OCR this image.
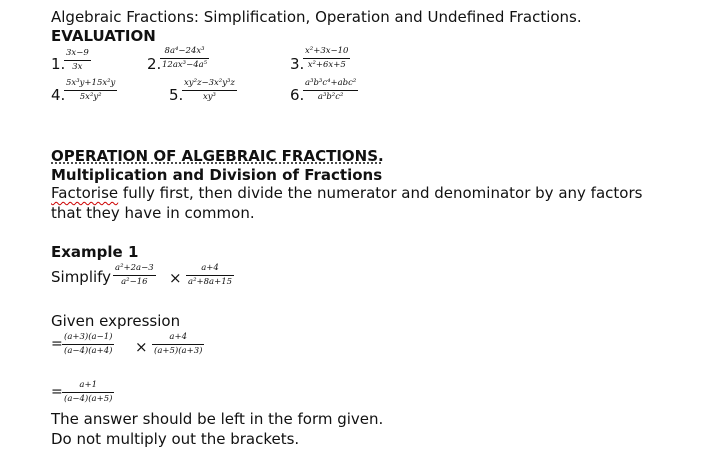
Algebraic Fractions: Simplification, Operation and Undefined Fractions.
EVALUATION
1.
$\frac{3x-9}{3x}$	2.
$\frac{\text{8a⁴−24x³}}{\text{12ax³−4a⁵}}$	3.
$\frac{\text{x²+3x−10}}{\text{x²+6x+5}}$
4.
$\frac{\text{5x³y+15x²y}}{\text{5x²y²}}$	5.
$\frac{\text{xy²z−3x²y³z}}{\text{xy³}}$	6.
a³b³c⁴+abc²
a³b²c²
OPERATION OF ALGEBRAIC FRACTIONS.
Multiplication and Division of Fractions
Factorise fully first, then divide the numerator and denominator by any factors
that they have in common.
Example 1
Simplify $\frac{\text{a²+2a−3}}{\text{a²−16}} \times \frac{a+4}{\text{a²+8a+15}}$
Given expression
= $\frac{(a+3)(a-1)}{(a-4)(a+4)} \times \frac{a+4}{(a+5)(a+3)}$
= $\frac{a+1}{(a-4)(a+5)}$
The answer should be left in the form given.
Do not multiply out the brackets.
